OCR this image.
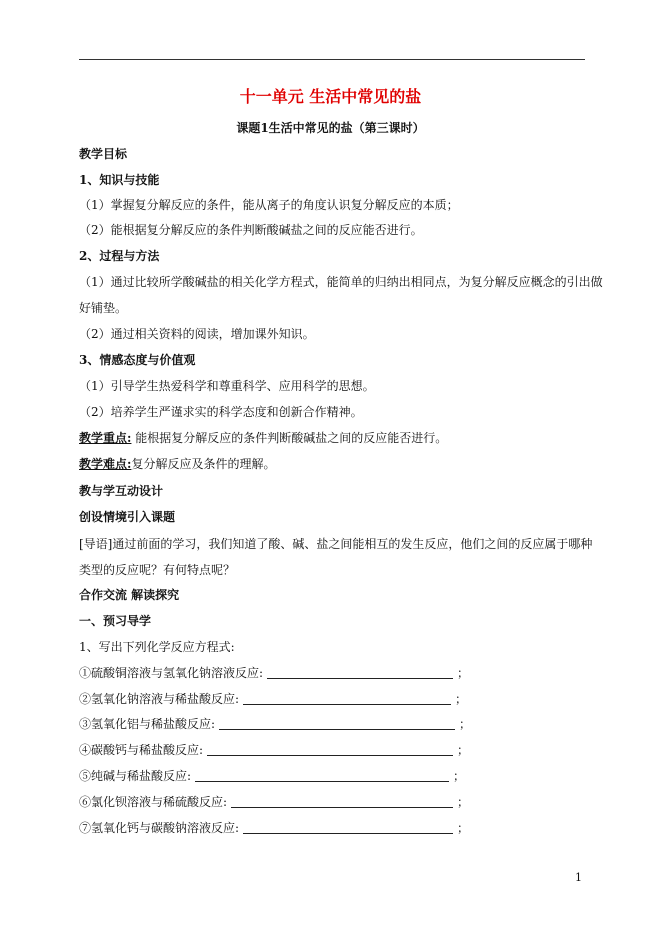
十一单元 生活中常见的盐
课题1生活中常见的盐（第三课时）
教学目标
1、知识与技能
（1）掌握复分解反应的条件，能从离子的角度认识复分解反应的本质；
（2）能根据复分解反应的条件判断酸碱盐之间的反应能否进行。
2、过程与方法
（1）通过比较所学酸碱盐的相关化学方程式，能简单的归纳出相同点，为复分解反应概念的引出做
好铺垫。
（2）通过相关资料的阅读，增加课外知识。
3、情感态度与价值观
（1）引导学生热爱科学和尊重科学、应用科学的思想。
（2）培养学生严谨求实的科学态度和创新合作精神。
教学重点: 能根据复分解反应的条件判断酸碱盐之间的反应能否进行。
教学难点:复分解反应及条件的理解。
教与学互动设计
创设情境引入课题
[导语]通过前面的学习，我们知道了酸、碱、盐之间能相互的发生反应，他们之间的反应属于哪种
类型的反应呢？有何特点呢？
合作交流 解读探究
一、预习导学
1、写出下列化学反应方程式:
①硫酸铜溶液与氢氧化钠溶液反应:	；
②氢氧化钠溶液与稀盐酸反应:	；
③氢氧化铝与稀盐酸反应:	；
④碳酸钙与稀盐酸反应:	；
⑤纯碱与稀盐酸反应:	；
⑥氯化钡溶液与稀硫酸反应:	；
⑦氢氧化钙与碳酸钠溶液反应:	；
1
